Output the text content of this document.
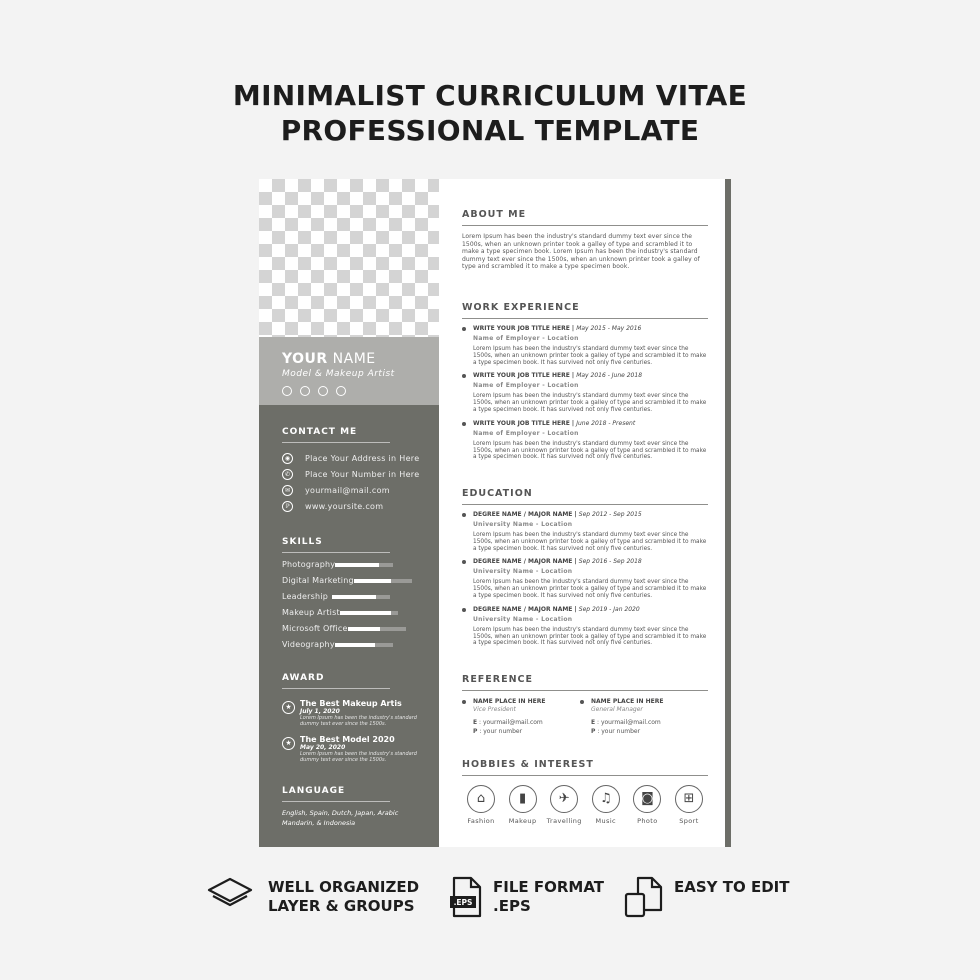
MINIMALIST CURRICULUM VITAE
PROFESSIONAL TEMPLATE
YOUR NAME
Model & Makeup Artist
CONTACT ME
◉	Place Your Address in Here
✆	Place Your Number in Here
✉	yourmail@mail.com
ℙ	www.yoursite.com
SKILLS
Photography
Digital Marketing
Leadership
Makeup Artist
Microsoft Office
Videography
AWARD
★	The Best Makeup Artis
July 1, 2020
Lorem Ipsum has been the industry's standard dummy text ever since the 1500s.
★	The Best Model 2020
May 20, 2020
Lorem Ipsum has been the industry's standard dummy text ever since the 1500s.
LANGUAGE
English, Spain, Dutch, Japan, Arabic Mandarin, & Indonesia
ABOUT ME
Lorem Ipsum has been the industry's standard dummy text ever since the 1500s, when an unknown printer took a galley of type and scrambled it to make a type specimen book. Lorem Ipsum has been the industry's standard dummy text ever since the 1500s, when an unknown printer took a galley of type and scrambled it to make a type specimen book.
WORK EXPERIENCE
WRITE YOUR JOB TITLE HERE | May 2015 - May 2016
Name of Employer - Location
Lorem Ipsum has been the industry's standard dummy text ever since the 1500s, when an unknown printer took a galley of type and scrambled it to make a type specimen book. It has survived not only five centuries.
WRITE YOUR JOB TITLE HERE | May 2016 - June 2018
Name of Employer - Location
Lorem Ipsum has been the industry's standard dummy text ever since the 1500s, when an unknown printer took a galley of type and scrambled it to make a type specimen book. It has survived not only five centuries.
WRITE YOUR JOB TITLE HERE | June 2018 - Present
Name of Employer - Location
Lorem Ipsum has been the industry's standard dummy text ever since the 1500s, when an unknown printer took a galley of type and scrambled it to make a type specimen book. It has survived not only five centuries.
EDUCATION
DEGREE NAME / MAJOR NAME | Sep 2012 - Sep 2015
University Name - Location
Lorem Ipsum has been the industry's standard dummy text ever since the 1500s, when an unknown printer took a galley of type and scrambled it to make a type specimen book. It has survived not only five centuries.
DEGREE NAME / MAJOR NAME | Sep 2016 - Sep 2018
University Name - Location
Lorem Ipsum has been the industry's standard dummy text ever since the 1500s, when an unknown printer took a galley of type and scrambled it to make a type specimen book. It has survived not only five centuries.
DEGREE NAME / MAJOR NAME | Sep 2019 - Jan 2020
University Name - Location
Lorem Ipsum has been the industry's standard dummy text ever since the 1500s, when an unknown printer took a galley of type and scrambled it to make a type specimen book. It has survived not only five centuries.
REFERENCE
NAME PLACE IN HERE
Vice President
E : yourmail@mail.com
P : your number
NAME PLACE IN HERE
General Manager
E : yourmail@mail.com
P : your number
HOBBIES & INTEREST
⌂
Fashion
▮
Makeup
✈
Travelling
♫
Music
◙
Photo
⊞
Sport
WELL ORGANIZED
LAYER & GROUPS	.EPS
FILE FORMAT
.EPS
EASY TO EDIT
